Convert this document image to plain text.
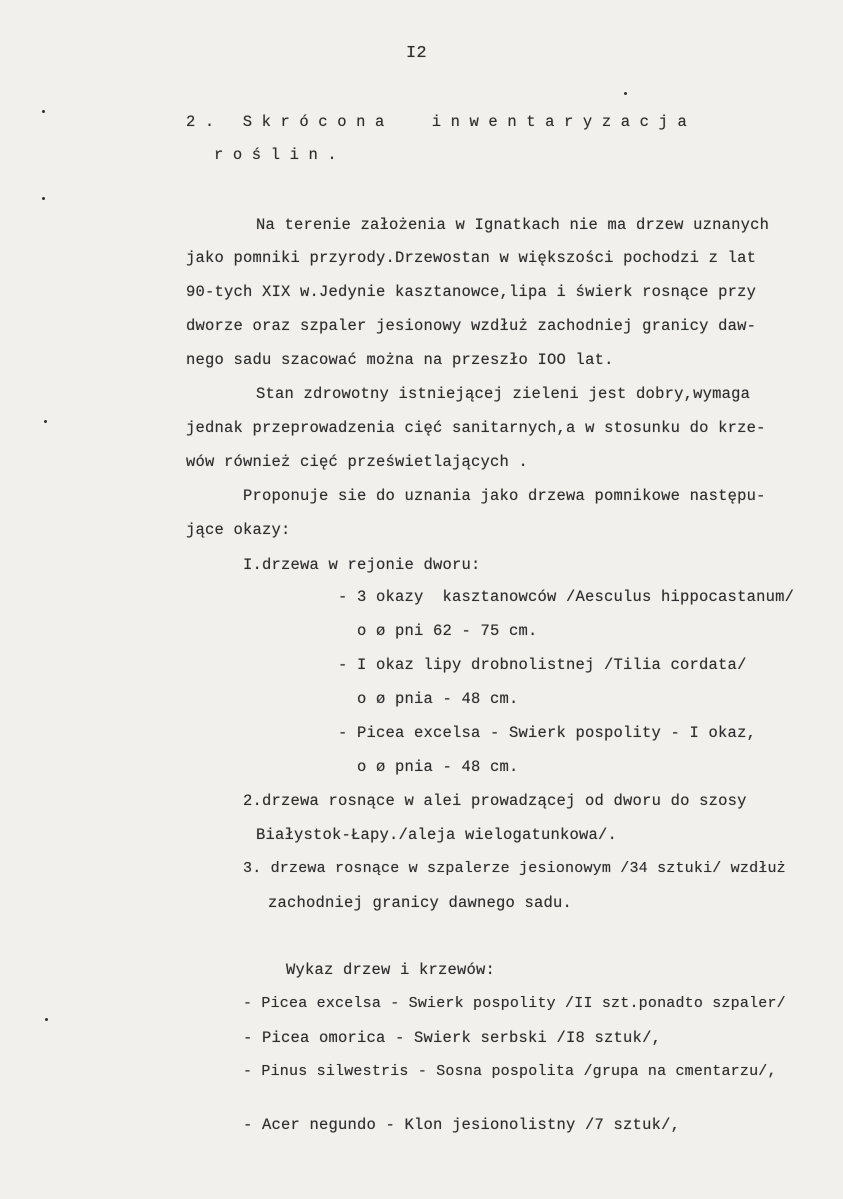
I2
2. Skrócona  inwentaryzacja
roślin.
Na terenie założenia w Ignatkach nie ma drzew uznanych
jako pomniki przyrody.Drzewostan w większości pochodzi z lat
90-tych XIX w.Jedynie kasztanowce,lipa i świerk rosnące przy
dworze oraz szpaler jesionowy wzdłuż zachodniej granicy daw-
nego sadu szacować można na przeszło IOO lat.
Stan zdrowotny istniejącej zieleni jest dobry,wymaga
jednak przeprowadzenia cięć sanitarnych,a w stosunku do krze-
wów również cięć prześwietlających .
Proponuje sie do uznania jako drzewa pomnikowe następu-
jące okazy:
I.drzewa w rejonie dworu:
- 3 okazy  kasztanowców /Aesculus hippocastanum/
o ø pni 62 - 75 cm.
- I okaz lipy drobnolistnej /Tilia cordata/
o ø pnia - 48 cm.
- Picea excelsa - Swierk pospolity - I okaz,
o ø pnia - 48 cm.
2.drzewa rosnące w alei prowadzącej od dworu do szosy
Białystok-Łapy./aleja wielogatunkowa/.
3. drzewa rosnące w szpalerze jesionowym /34 sztuki/ wzdłuż
zachodniej granicy dawnego sadu.
Wykaz drzew i krzewów:
- Picea excelsa - Swierk pospolity /II szt.ponadto szpaler/
- Picea omorica - Swierk serbski /I8 sztuk/,
- Pinus silwestris - Sosna pospolita /grupa na cmentarzu/,
- Acer negundo - Klon jesionolistny /7 sztuk/,
